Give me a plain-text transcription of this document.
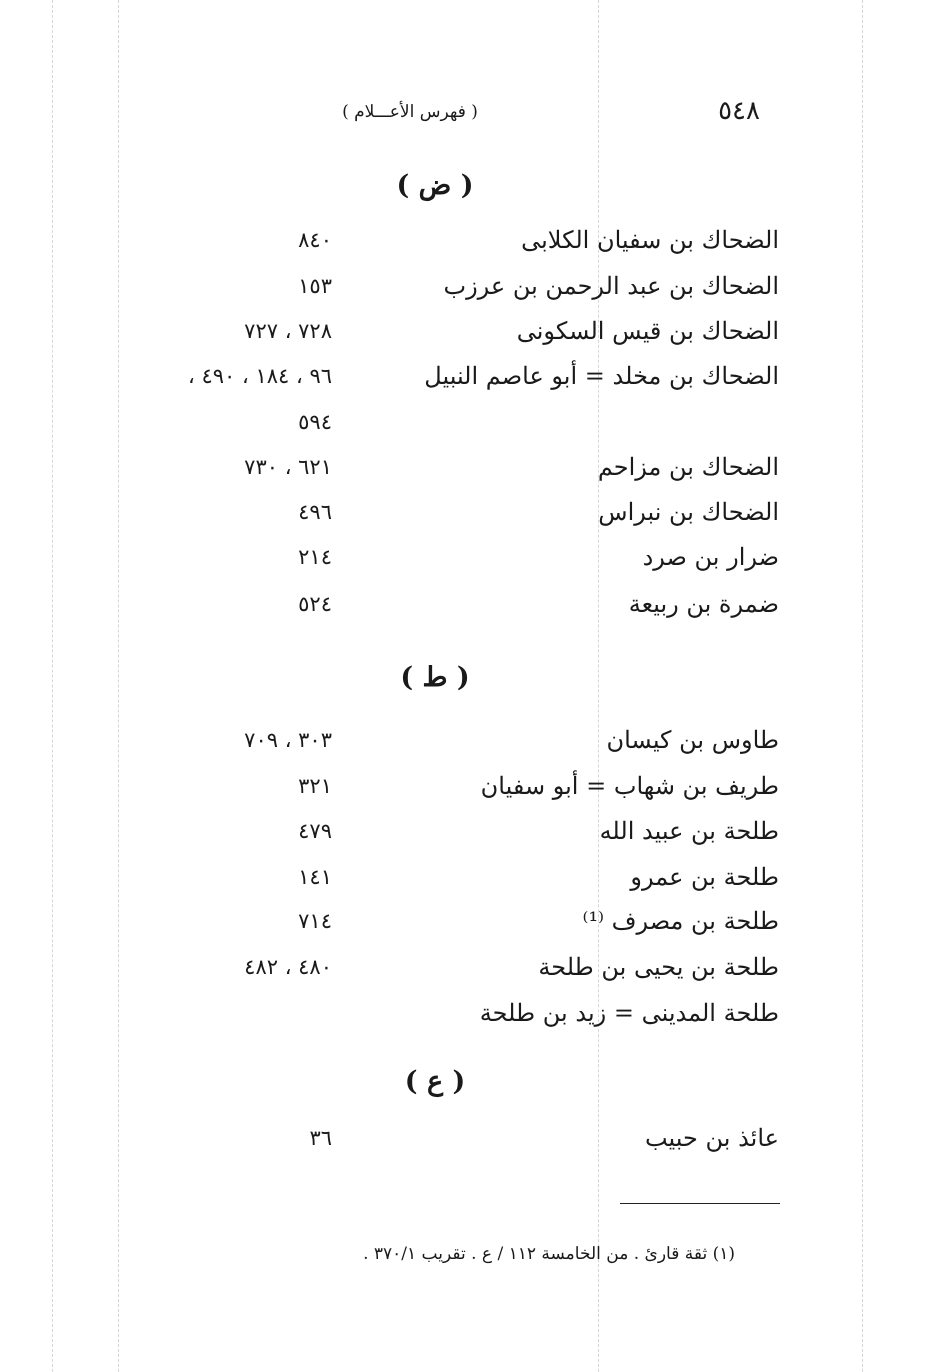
٥٤٨
( فهرس الأعـــلام )
( ض )
الضحاك بن سفيان الكلابى
٨٤٠
الضحاك بن عبد الرحمن بن عرزب
١٥٣
الضحاك بن قيس السكونى
٧٢٨ ، ٧٢٧
الضحاك بن مخلد = أبو عاصم النبيل
٩٦ ، ١٨٤ ، ٤٩٠ ،
٥٩٤
الضحاك بن مزاحم
٦٢١ ، ٧٣٠
الضحاك بن نبراس
٤٩٦
ضرار بن صرد
٢١٤
ضمرة بن ربيعة
٥٢٤
( ط )
طاوس بن كيسان
٣٠٣ ، ٧٠٩
طريف بن شهاب = أبو سفيان
٣٢١
طلحة بن عبيد الله
٤٧٩
طلحة بن عمرو
١٤١
طلحة بن مصرف ⁽¹⁾
٧١٤
طلحة بن يحيى بن طلحة
٤٨٠ ، ٤٨٢
طلحة المدينى = زيد بن طلحة
( ع )
عائذ بن حبيب
٣٦
(١) ثقة قارئ . من الخامسة ١١٢ / ع . تقريب ٣٧٠/١ .
